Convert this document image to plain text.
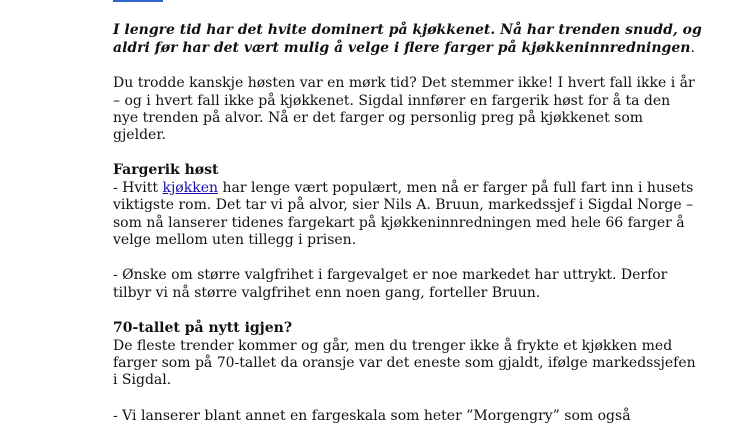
I lengre tid har det hvite dominert på kjøkkenet. Nå har trenden snudd, og
aldri før har det vært mulig å velge i flere farger på kjøkkeninnredningen.
Du trodde kanskje høsten var en mørk tid? Det stemmer ikke! I hvert fall ikke i år
– og i hvert fall ikke på kjøkkenet. Sigdal innfører en fargerik høst for å ta den
nye trenden på alvor. Nå er det farger og personlig preg på kjøkkenet som
gjelder.
Fargerik høst
- Hvitt kjøkken har lenge vært populært, men nå er farger på full fart inn i husets
viktigste rom. Det tar vi på alvor, sier Nils A. Bruun, markedssjef i Sigdal Norge –
som nå lanserer tidenes fargekart på kjøkkeninnredningen med hele 66 farger å
velge mellom uten tillegg i prisen.
- Ønske om større valgfrihet i fargevalget er noe markedet har uttrykt. Derfor
tilbyr vi nå større valgfrihet enn noen gang, forteller Bruun.
70-tallet på nytt igjen?
De fleste trender kommer og går, men du trenger ikke å frykte et kjøkken med
farger som på 70-tallet da oransje var det eneste som gjaldt, ifølge markedssjefen
i Sigdal.
- Vi lanserer blant annet en fargeskala som heter ”Morgengry” som også
